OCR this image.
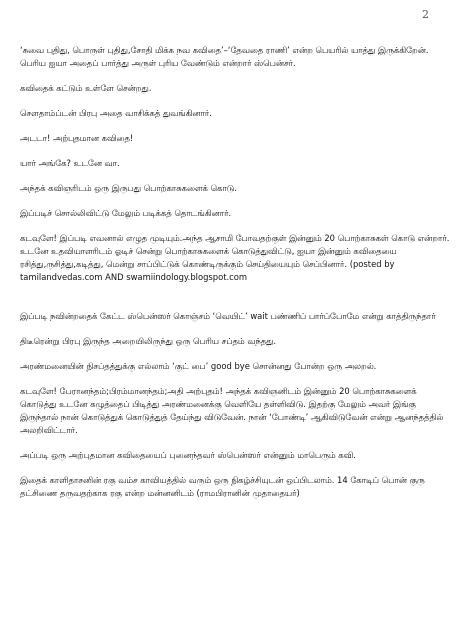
2

‘சுவை புதிது, பொருள் புதிது,சோதி மிக்க நவ கவிதை’–‘தேவதை ராணி’ என்ற பெயரில் யாத்து இருக்கிறேன். பெரிய ஐயா அதைப் பார்த்து அருள் புரிய வேண்டும் என்றார் ஸ்பென்சர்.

கவிதைக் கட்டும் உள்ளே சென்றது.

சௌதாம்ப்டன் பிரபு அதை வாசிக்கத் துவங்கினார்.

அடடா! அற்புதமான கவிதை!

யார் அங்கே? உடனே வா.

அந்தக் கவிஞரிடம் ஒரு இருபது பொற்காசுகளைக் கொடு.

இப்படிச் சொல்லிவிட்டு மேலும் படிக்கத் தொடங்கினார்.

கடவுளே! இப்படி எவனால் எழுத முடியும்.அந்த ஆசாமி போவதற்குள் இன்னும் 20 பொற்காசுகள் கொடு என்றார். உடனே உதவியாளரிடம் ஓடிச் சென்று பொற்காசுகளைக் கொடுத்துவிட்டு, ஐயா இன்னும் கவிதையை ரசித்து,ருசித்து,கடித்து, மென்று சாப்பிட்டுக் கொண்டிருக்கும் செய்தியையும் செப்பினார். (posted by tamilandvedas.com AND swamiindology.blogspot.com

இப்படி நவின்றதைக் கேட்ட ஸ்பென்ஸர் கொஞ்சம் ‘வெயிட்’ wait பண்ணிப் பார்ப்போமே என்று காத்திருந்தார்

திடீரென்று பிரபு இருந்த அறையிலிருந்து ஒரு பெரிய சப்தம் வந்தது.

அரண்மனையின் நிசப்தத்துக்கு எல்லாம் ‘குட் பை’ good bye சொன்னது போன்ற ஒரு அலறல்.

கடவுளே! பேரானந்தம்;பிரம்மானந்தம்;அதி அற்புதம்! அந்தக் கவிஞனிடம் இன்னும் 20 பொற்காசுகளைக் கொடுத்து உடனே கழுத்தைப் பிடித்து அரண்மனைக்கு வெளியே தள்ளிவிடு. இதற்கு மேலும் அவர் இங்கு இருந்தால் நான் கொடுத்துக் கொடுத்துத் தேய்ந்து விடுவேன். நான் ‘போண்டி’ ஆகிவிடுவேன் என்று ஆனந்தத்தில் அலறிவிட்டார்.

அப்படி ஒரு அற்புதமான கவிதையைப் புனைந்தவர் ஸ்பென்ஸர் என்னும் மாபெரும் கவி.

இதைக் காளிதாசனின் ரகு வம்ச காவியத்தில் வரும் ஒரு நிகழ்ச்சியுடன் ஒப்பிடலாம். 14 கோடிப் பொன் குரு தட்சிணை தருவதற்காக ரகு என்ற மன்னனிடம் (ராமபிரானின் முதாதையர்)
